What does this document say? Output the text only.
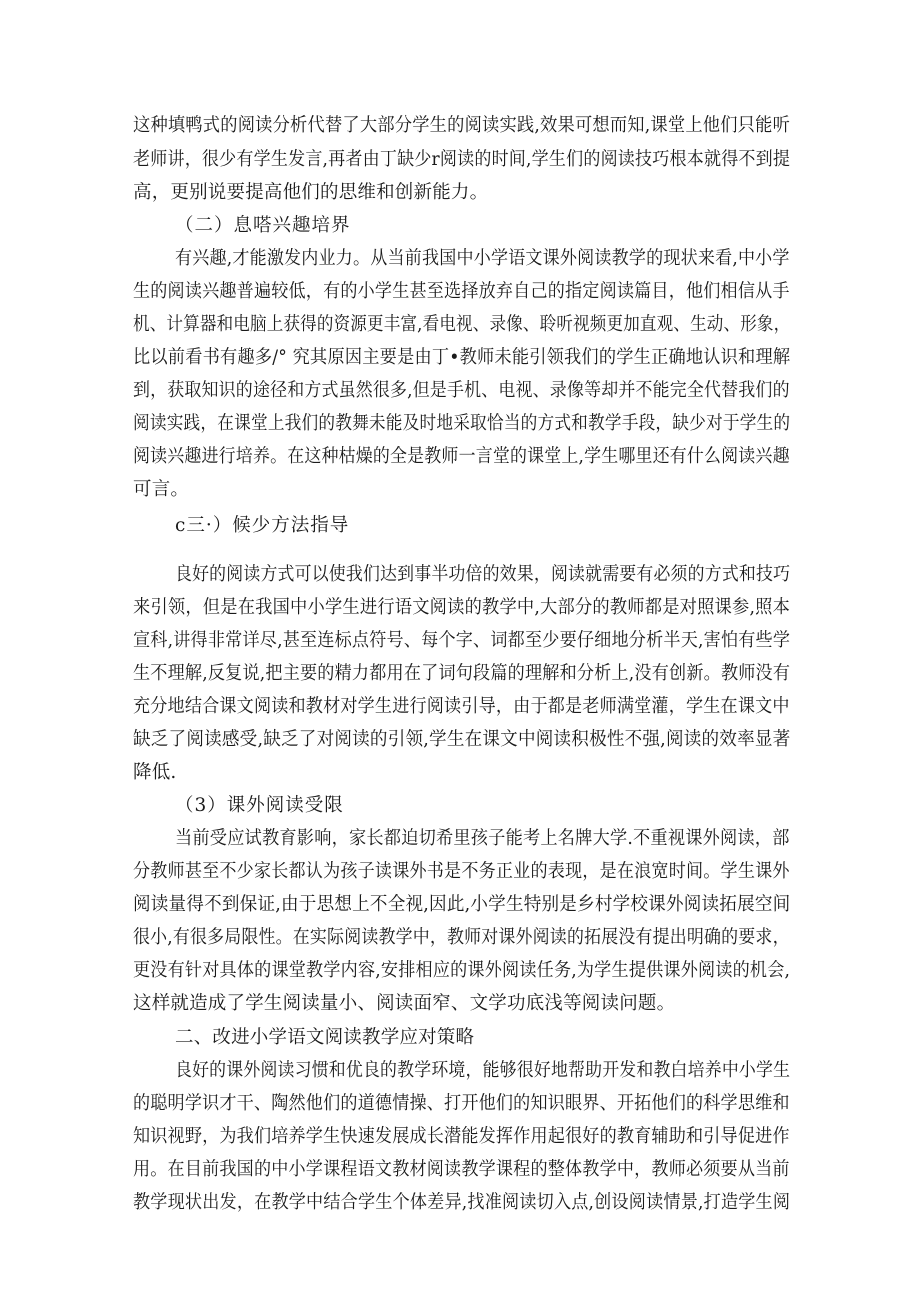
这种填鸭式的阅读分析代替了大部分学生的阅读实践,效果可想而知,课堂上他们只能听
老师讲，很少有学生发言,再者由丁缺少r阅读的时间,学生们的阅读技巧根本就得不到提
高，更别说要提高他们的思维和创新能力。
（二）息嗒兴趣培界
有兴趣,才能激发内业力。从当前我国中小学语文课外阅读教学的现状来看,中小学
生的阅读兴趣普遍较低，有的小学生甚至选择放弃自己的指定阅读篇目，他们相信从手
机、计算器和电脑上获得的资源更丰富,看电视、录像、聆听视频更加直观、生动、形象，
比以前看书有趣多/° 究其原因主要是由丁•教师未能引领我们的学生正确地认识和理解
到，获取知识的途径和方式虽然很多,但是手机、电视、录像等却并不能完全代替我们的
阅读实践，在课堂上我们的教舞未能及时地采取恰当的方式和教学手段，缺少对于学生的
阅读兴趣进行培养。在这种枯燥的全是教师一言堂的课堂上,学生哪里还有什么阅读兴趣
可言。
c三·）候少方法指导
良好的阅读方式可以使我们达到事半功倍的效果，阅读就需要有必须的方式和技巧
来引领，但是在我国中小学生进行语文阅读的教学中,大部分的教师都是对照课参,照本
宣科,讲得非常详尽,甚至连标点符号、每个字、词都至少要仔细地分析半天,害怕有些学
生不理解,反复说,把主要的精力都用在了词句段篇的理解和分析上,没有创新。教师没有
充分地结合课文阅读和教材对学生进行阅读引导，由于都是老师满堂灌，学生在课文中
缺乏了阅读感受,缺乏了对阅读的引领,学生在课文中阅读积极性不强,阅读的效率显著
降低.
（3）课外阅读受限
当前受应试教育影响，家长都迫切希里孩子能考上名牌大学.不重视课外阅读，部
分教师甚至不少家长都认为孩子读课外书是不务正业的表现，是在浪宽时间。学生课外
阅读量得不到保证,由于思想上不全视,因此,小学生特别是乡村学校课外阅读拓展空间
很小,有很多局限性。在实际阅读教学中，教师对课外阅读的拓展没有提出明确的要求，
更没有针对具体的课堂教学内容,安排相应的课外阅读任务,为学生提供课外阅读的机会,
这样就造成了学生阅读量小、阅读面窄、文学功底浅等阅读问题。
二、改进小学语文阅读教学应对策略
良好的课外阅读习惯和优良的教学环境，能够很好地帮助开发和教白培养中小学生
的聪明学识才干、陶然他们的道德情操、打开他们的知识眼界、开拓他们的科学思维和
知识视野，为我们培养学生快速发展成长潜能发挥作用起很好的教育辅助和引导促进作
用。在目前我国的中小学课程语文教材阅读教学课程的整体教学中，教师必须要从当前
教学现状出发，在教学中结合学生个体差异,找准阅读切入点,创设阅读情景,打造学生阅
